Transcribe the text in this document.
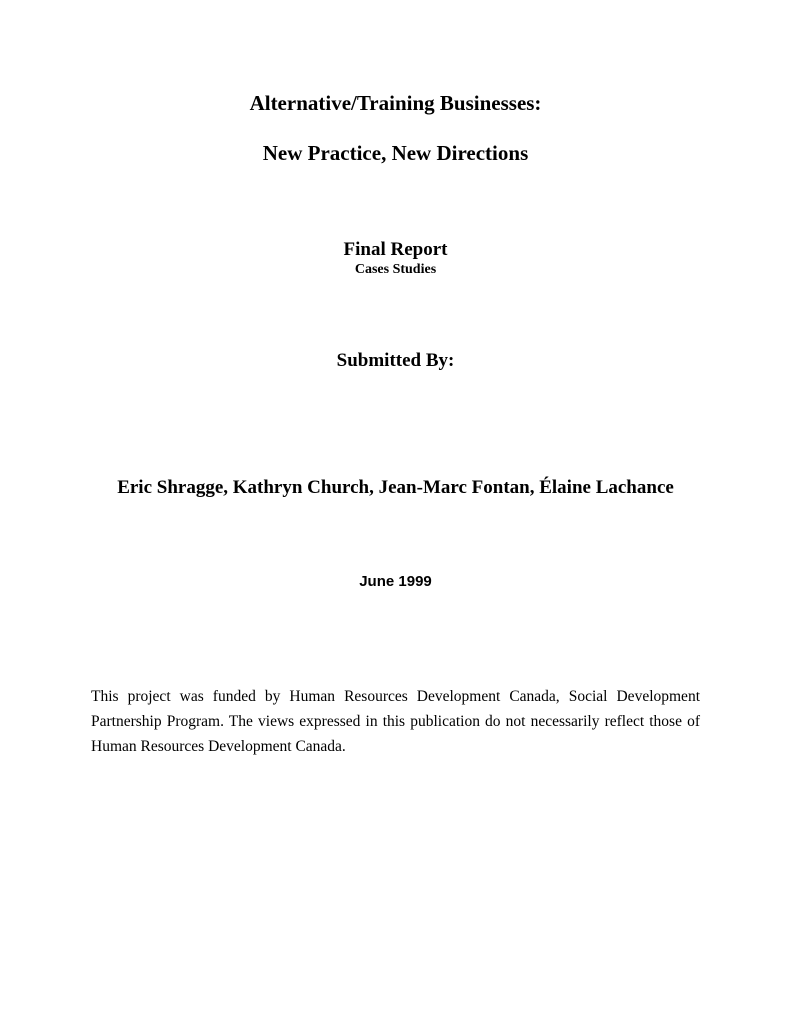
Alternative/Training Businesses:
New Practice, New Directions
Final Report
Cases Studies
Submitted By:
Eric Shragge, Kathryn Church, Jean-Marc Fontan, Élaine Lachance
June 1999

This project was funded by Human Resources Development Canada, Social Development Partnership Program. The views expressed in this publication do not necessarily reflect those of Human Resources Development Canada.
